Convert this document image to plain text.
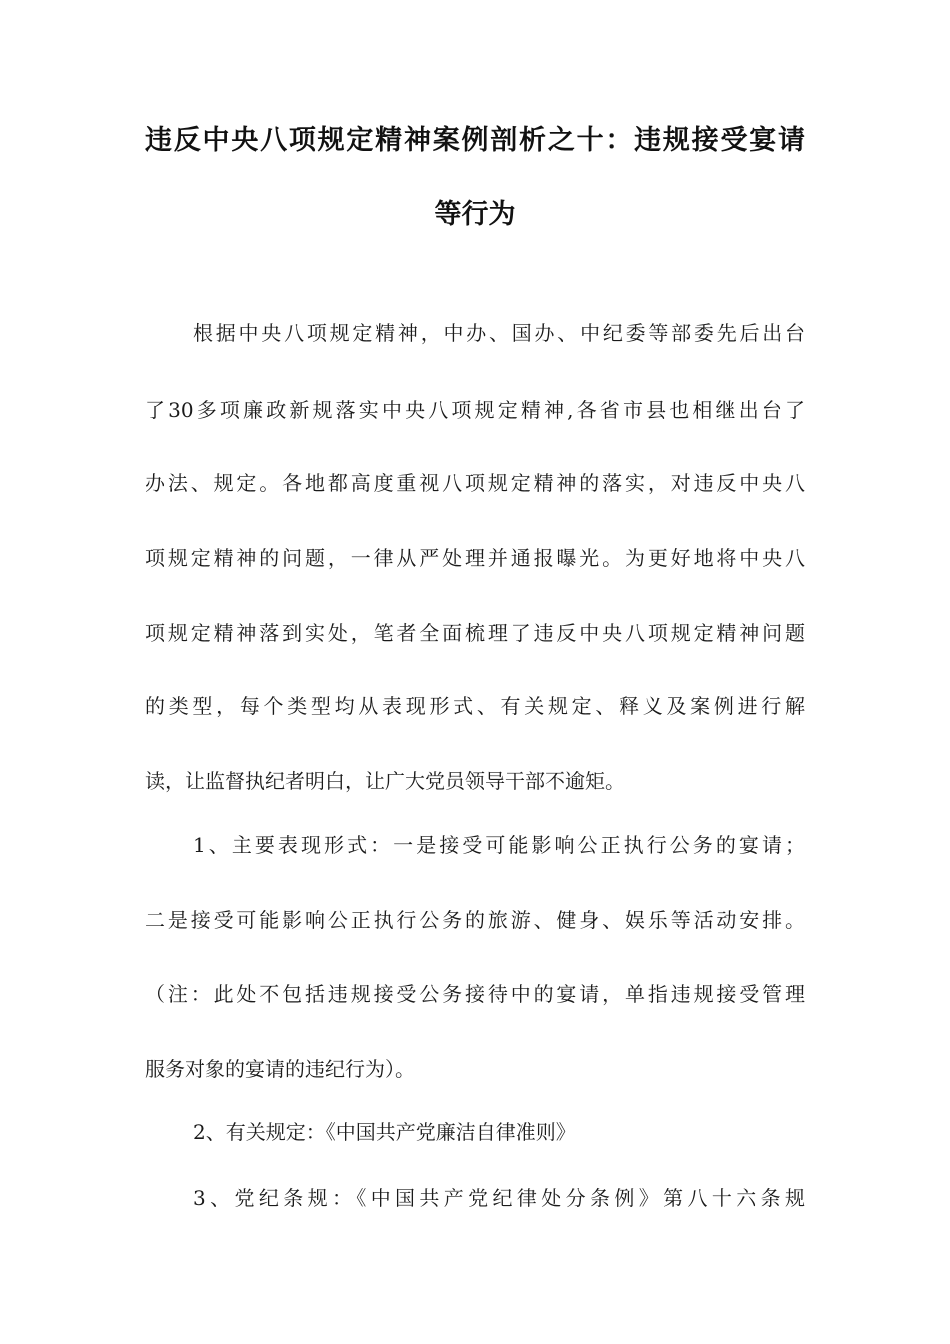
违反中央八项规定精神案例剖析之十：违规接受宴请
等行为
根据中央八项规定精神，中办、国办、中纪委等部委先后出台
了30多项廉政新规落实中央八项规定精神,各省市县也相继出台了
办法、规定。各地都高度重视八项规定精神的落实，对违反中央八
项规定精神的问题，一律从严处理并通报曝光。为更好地将中央八
项规定精神落到实处，笔者全面梳理了违反中央八项规定精神问题
的类型，每个类型均从表现形式、有关规定、释义及案例进行解
读，让监督执纪者明白，让广大党员领导干部不逾矩。
1、主要表现形式：一是接受可能影响公正执行公务的宴请；
二是接受可能影响公正执行公务的旅游、健身、娱乐等活动安排。
（注：此处不包括违规接受公务接待中的宴请，单指违规接受管理
服务对象的宴请的违纪行为）。
2、有关规定：《中国共产党廉洁自律准则》
3、党纪条规：《中国共产党纪律处分条例》第八十六条规
